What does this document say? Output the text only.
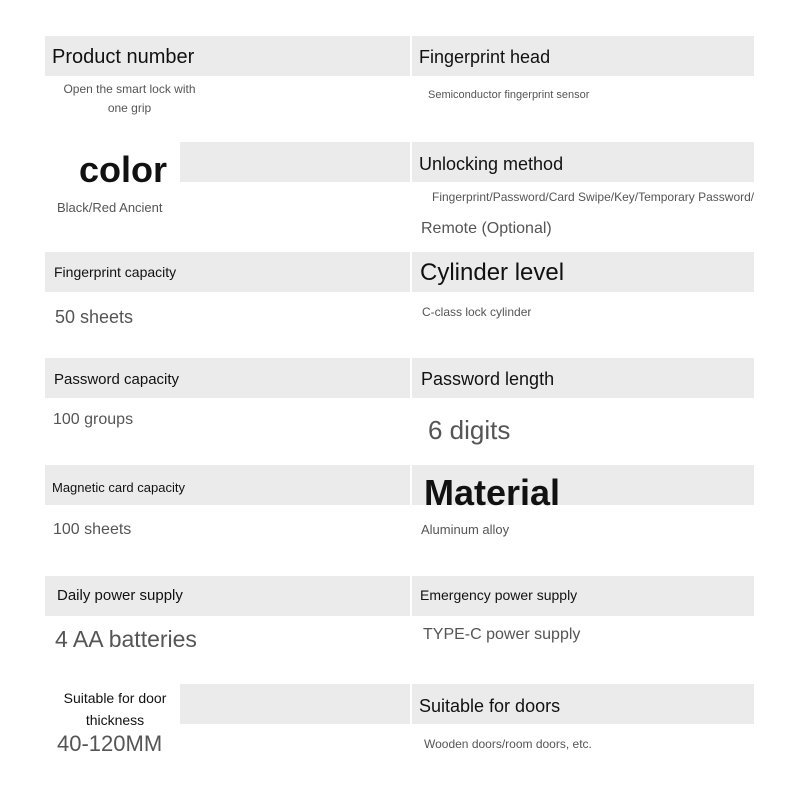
Product number
Open the smart lock with one grip
Fingerprint head
Semiconductor fingerprint sensor
color
Black/Red Ancient
Unlocking method
Fingerprint/Password/Card Swipe/Key/Temporary Password/
Remote (Optional)
Fingerprint capacity
50 sheets
Cylinder level
C-class lock cylinder
Password capacity
100 groups
Password length
6 digits
Magnetic card capacity
100 sheets
Material
Aluminum alloy
Daily power supply
4 AA batteries
Emergency power supply
TYPE-C power supply
Suitable for door thickness
40-120MM
Suitable for doors
Wooden doors/room doors, etc.
